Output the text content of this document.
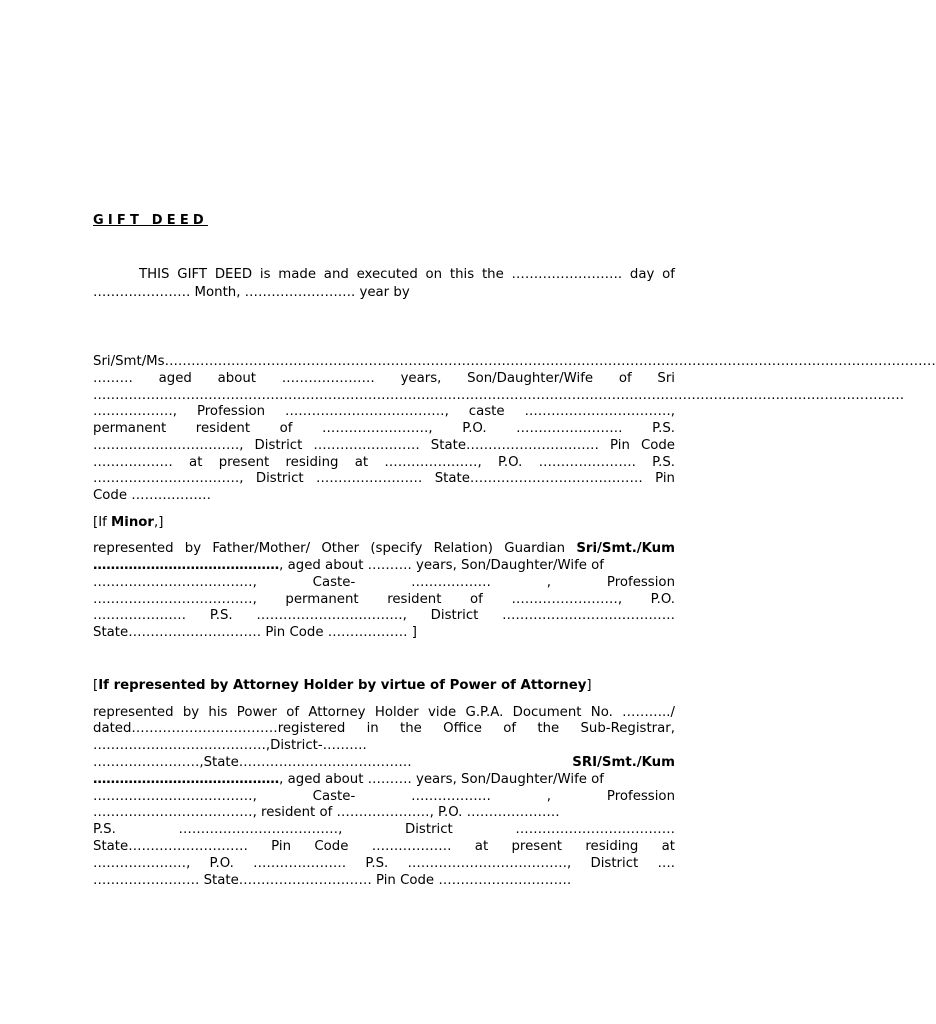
GIFT DEED
THIS GIFT DEED is made and executed on this the ……………………. day of
…………………. Month, ……………………. year by
Sri/Smt/Ms…………………………………………………………………………………………………………………………………………………………
……… aged about ………………… years, Son/Daughter/Wife of Sri
…………………………………………………………………………………………………………………………………………………………………
………………, Profession ………………………………, caste ……………………………,
permanent resident of ……………………, P.O. …………………… P.S.
……………………………, District …………………… State………………………… Pin Code
……………… at present residing at …………………, P.O. …………………. P.S.
……………………………, District …………………… State………………………………… Pin
Code ………………
[If Minor,]
represented by Father/Mother/ Other (specify Relation) Guardian Sri/Smt./Kum
……………………………………, aged about ………. years, Son/Daughter/Wife of
………………………………, Caste- ……………… , Profession
………………………………, permanent resident of ……………………, P.O.
………………… P.S. ……………………………, District …………………………………
State………………………… Pin Code ……………… ]
[If represented by Attorney Holder by virtue of Power of Attorney]
represented by his Power of Attorney Holder vide G.P.A. Document No. ………../
dated……………………………registered in the Office of the Sub-Registrar,
…………………………………,District-……….
……………………,State…………………………………	SRI/Smt./Kum
……………………………………, aged about ………. years, Son/Daughter/Wife of
………………………………, Caste- ……………… , Profession
………………………………, resident of …………………, P.O. …………………
P.S. ………………………………, District ………………………………
State……………………… Pin Code ……………… at present residing at
…………………, P.O. ………………… P.S. ………………………………, District ….
…………………… State………………………… Pin Code …………………………
